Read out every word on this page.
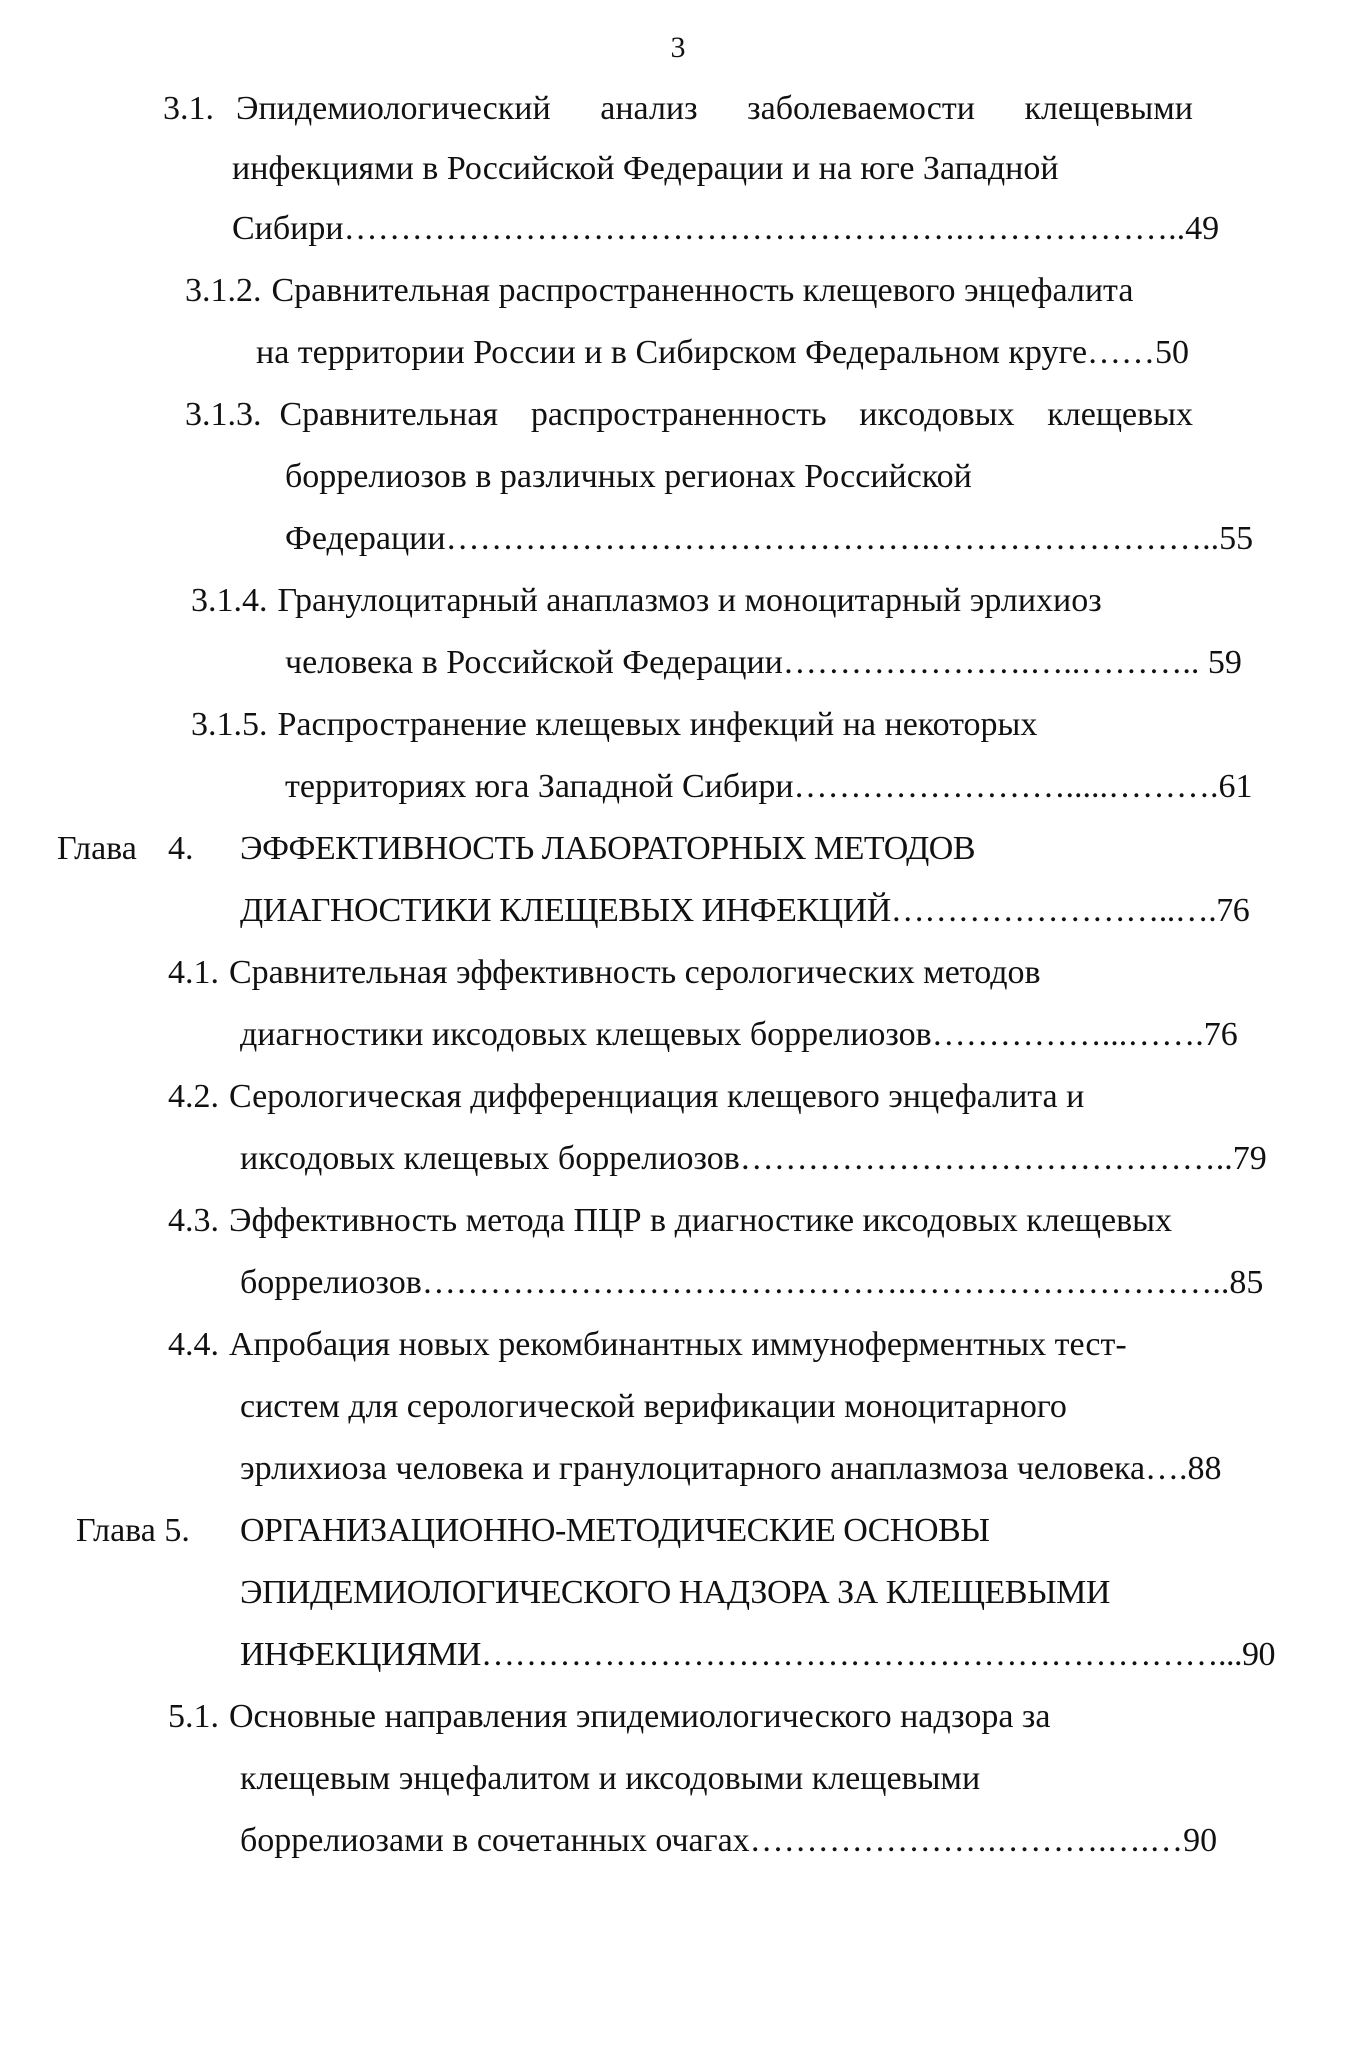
3
3.1. Эпидемиологический анализ заболеваемости клещевыми
инфекциями в Российской Федерации и на юге Западной
Сибири……………………………………………….………………..49
3.1.2. Сравнительная распространенность клещевого энцефалита
на территории России и в Сибирском Федеральном круге……50
3.1.3. Сравнительная распространенность иксодовых клещевых
боррелиозов в различных регионах Российской
Федерации…………………………………….……………………..55
3.1.4. Гранулоцитарный анаплазмоз и моноцитарный эрлихиоз
человека в Российской Федерации………………….…..……….. 59
3.1.5. Распространение клещевых инфекций на некоторых
территориях юга Западной Сибири…………………….....……….61
Глава 4.	ЭФФЕКТИВНОСТЬ ЛАБОРАТОРНЫХ МЕТОДОВ
ДИАГНОСТИКИ КЛЕЩЕВЫХ ИНФЕКЦИЙ……………………..….76
4.1. Сравнительная эффективность серологических методов
диагностики иксодовых клещевых боррелиозов……………...…….76
4.2. Серологическая дифференциация клещевого энцефалита и
иксодовых клещевых боррелиозов……………………………………..79
4.3. Эффективность метода ПЦР в диагностике иксодовых клещевых
боррелиозов…………………………………….………………………..85
4.4. Апробация новых рекомбинантных иммуноферментных тест-
систем для серологической верификации моноцитарного
эрлихиоза человека и гранулоцитарного анаплазмоза человека….88
Глава 5.	ОРГАНИЗАЦИОННО-МЕТОДИЧЕСКИЕ ОСНОВЫ
ЭПИДЕМИОЛОГИЧЕСКОГО НАДЗОРА ЗА КЛЕЩЕВЫМИ
ИНФЕКЦИЯМИ…………………………………………………………...90
5.1. Основные направления эпидемиологического надзора за
клещевым энцефалитом и иксодовыми клещевыми
боррелиозами в сочетанных очагах………………….……….….…90
